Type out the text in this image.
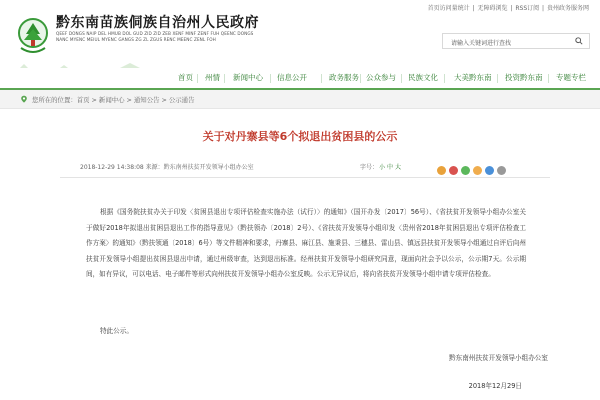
黔东南苗族侗族自治州人民政府
QEEF DONGS NAIP DEL HMUB DOL GUD ZID ZID ZEB XENF MINF ZENF FUH QEENC DONGS NANC MYENC MEIUL MYENC GANGS ZG ZL ZGUS RENC MEENC ZENL FOH
首页访问量统计 | 无障碍浏览 | RSS订阅 | 贵州政务服务网
请输入关键词进行查找
首页 州情 新闻中心 信息公开	政务服务 公众参与 民族文化 大美黔东南 投资黔东南 专题专栏
您所在的位置：首页 > 新闻中心 > 通知公告 > 公示通告
关于对丹寨县等6个拟退出贫困县的公示
2018-12-29 14:38:08 来源：黔东南州扶贫开发领导小组办公室	字号：小 中 大

根据《国务院扶贫办关于印发〈贫困县退出专项评估检查实施办法（试行）〉的通知》（国开办发〔2017〕56号）、《省扶贫开发领导小组办公室关于做好2018年拟退出贫困县退出工作的指导意见》（黔扶领办〔2018〕2号）、《省扶贫开发领导小组印发〈贵州省2018年贫困县退出专项评估检查工作方案〉的通知》（黔扶领通〔2018〕6号）等文件精神和要求，丹寨县、麻江县、施秉县、三穗县、雷山县、镇远县扶贫开发领导小组通过自评后向州扶贫开发领导小组提出贫困县退出申请，通过州级审查，达到退出标准。经州扶贫开发领导小组研究同意，现面向社会予以公示，公示期7天。公示期间，如有异议，可以电话、电子邮件等形式向州扶贫开发领导小组办公室反映。公示无异议后，将向省扶贫开发领导小组申请专项评估检查。

特此公示。
黔东南州扶贫开发领导小组办公室
2018年12月29日
